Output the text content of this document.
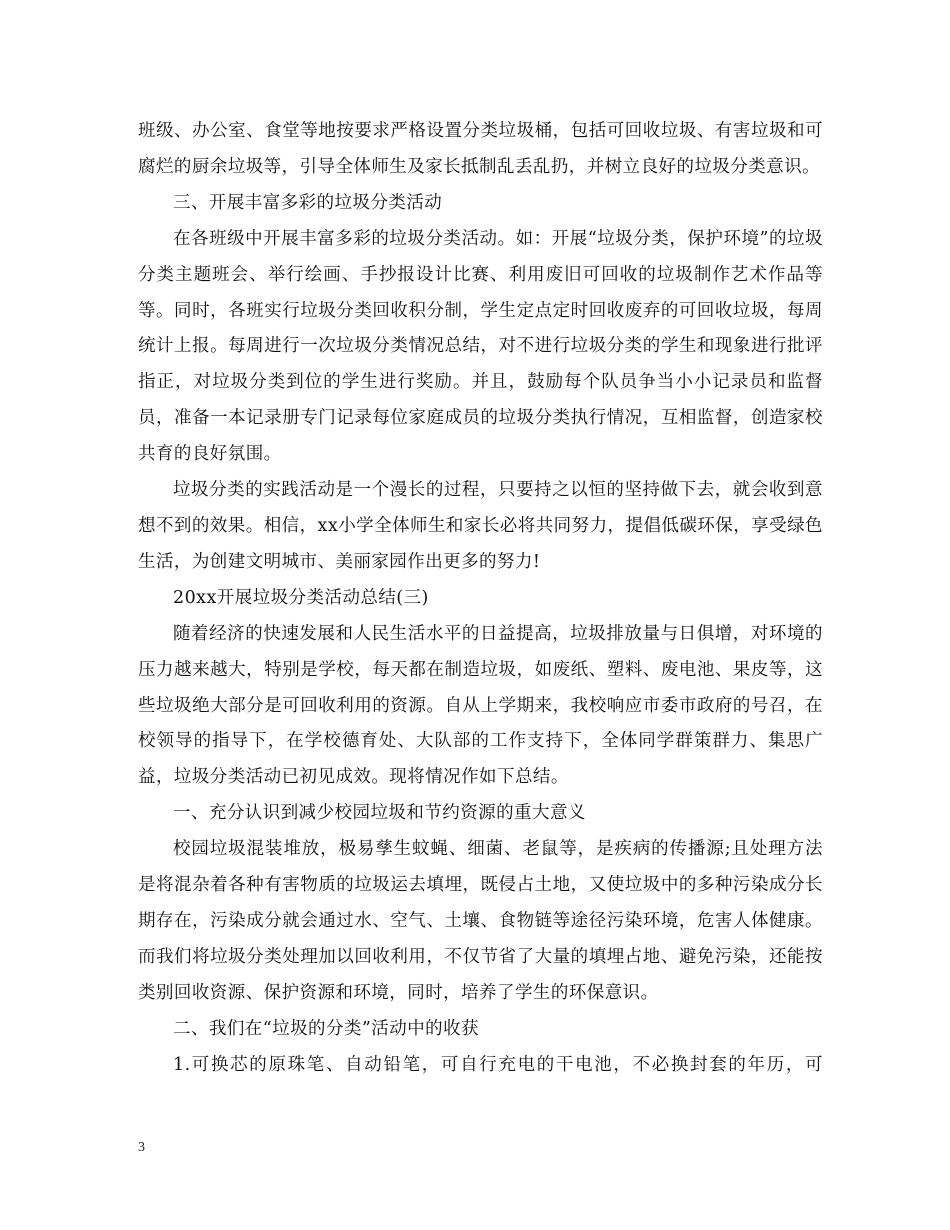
班级、办公室、食堂等地按要求严格设置分类垃圾桶，包括可回收垃圾、有害垃圾和可腐烂的厨余垃圾等，引导全体师生及家长抵制乱丢乱扔，并树立良好的垃圾分类意识。

三、开展丰富多彩的垃圾分类活动

在各班级中开展丰富多彩的垃圾分类活动。如：开展“垃圾分类，保护环境”的垃圾分类主题班会、举行绘画、手抄报设计比赛、利用废旧可回收的垃圾制作艺术作品等等。同时，各班实行垃圾分类回收积分制，学生定点定时回收废弃的可回收垃圾，每周统计上报。每周进行一次垃圾分类情况总结，对不进行垃圾分类的学生和现象进行批评指正，对垃圾分类到位的学生进行奖励。并且，鼓励每个队员争当小小记录员和监督员，准备一本记录册专门记录每位家庭成员的垃圾分类执行情况，互相监督，创造家校共育的良好氛围。

垃圾分类的实践活动是一个漫长的过程，只要持之以恒的坚持做下去，就会收到意想不到的效果。相信，xx小学全体师生和家长必将共同努力，提倡低碳环保，享受绿色生活，为创建文明城市、美丽家园作出更多的努力!

20xx开展垃圾分类活动总结(三)

随着经济的快速发展和人民生活水平的日益提高，垃圾排放量与日俱增，对环境的压力越来越大，特别是学校，每天都在制造垃圾，如废纸、塑料、废电池、果皮等，这些垃圾绝大部分是可回收利用的资源。自从上学期来，我校响应市委市政府的号召，在校领导的指导下，在学校德育处、大队部的工作支持下，全体同学群策群力、集思广益，垃圾分类活动已初见成效。现将情况作如下总结。

一、充分认识到减少校园垃圾和节约资源的重大意义

校园垃圾混装堆放，极易孳生蚊蝇、细菌、老鼠等，是疾病的传播源;且处理方法是将混杂着各种有害物质的垃圾运去填埋，既侵占土地，又使垃圾中的多种污染成分长期存在，污染成分就会通过水、空气、土壤、食物链等途径污染环境，危害人体健康。而我们将垃圾分类处理加以回收利用，不仅节省了大量的填埋占地、避免污染，还能按类别回收资源、保护资源和环境，同时，培养了学生的环保意识。

二、我们在“垃圾的分类”活动中的收获

1.可换芯的原珠笔、自动铅笔，可自行充电的干电池，不必换封套的年历，可

3
